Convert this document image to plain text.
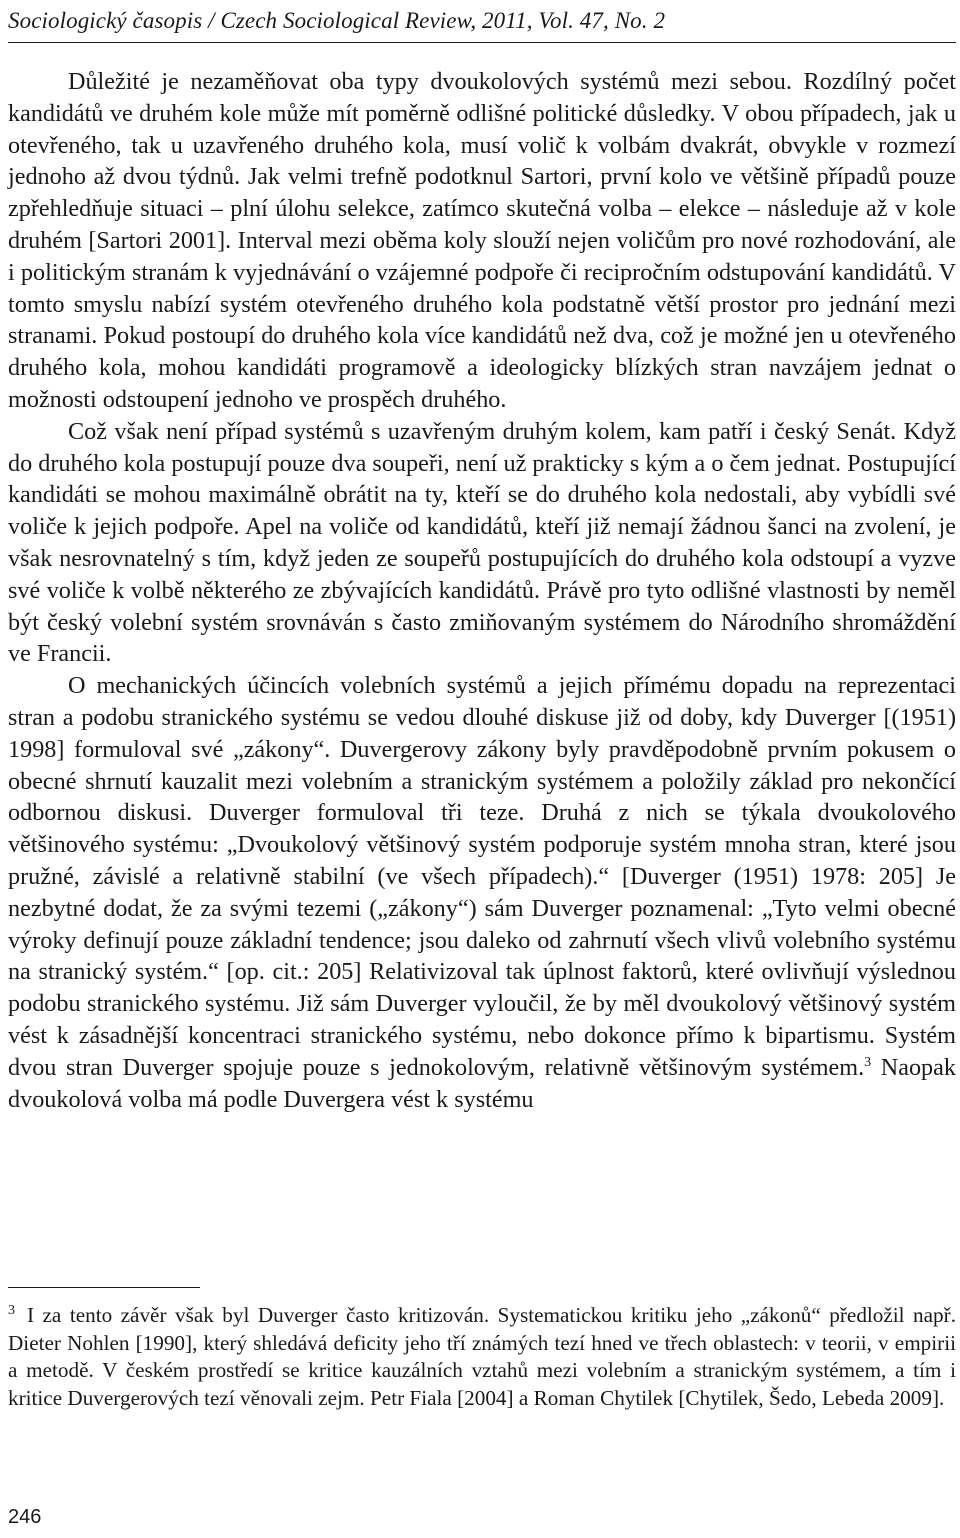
Sociologický časopis / Czech Sociological Review, 2011, Vol. 47, No. 2

Důležité je nezaměňovat oba typy dvoukolových systémů mezi sebou. Rozdílný počet kandidátů ve druhém kole může mít poměrně odlišné politické důsledky. V obou případech, jak u otevřeného, tak u uzavřeného druhého kola, musí volič k volbám dvakrát, obvykle v rozmezí jednoho až dvou týdnů. Jak velmi trefně podotknul Sartori, první kolo ve většině případů pouze zpřehledňuje situaci – plní úlohu selekce, zatímco skutečná volba – elekce – následuje až v kole druhém [Sartori 2001]. Interval mezi oběma koly slouží nejen voličům pro nové rozhodování, ale i politickým stranám k vyjednávání o vzájemné podpoře či recipročním odstupování kandidátů. V tomto smyslu nabízí systém otevřeného druhého kola podstatně větší prostor pro jednání mezi stranami. Pokud postoupí do druhého kola více kandidátů než dva, což je možné jen u otevřeného druhého kola, mohou kandidáti programově a ideologicky blízkých stran navzájem jednat o možnosti odstoupení jednoho ve prospěch druhého.

Což však není případ systémů s uzavřeným druhým kolem, kam patří i český Senát. Když do druhého kola postupují pouze dva soupeři, není už prakticky s kým a o čem jednat. Postupující kandidáti se mohou maximálně obrátit na ty, kteří se do druhého kola nedostali, aby vybídli své voliče k jejich podpoře. Apel na voliče od kandidátů, kteří již nemají žádnou šanci na zvolení, je však nesrovnatelný s tím, když jeden ze soupeřů postupujících do druhého kola odstoupí a vyzve své voliče k volbě některého ze zbývajících kandidátů. Právě pro tyto odlišné vlastnosti by neměl být český volební systém srovnáván s často zmiňovaným systémem do Národního shromáždění ve Francii.

O mechanických účincích volebních systémů a jejich přímému dopadu na reprezentaci stran a podobu stranického systému se vedou dlouhé diskuse již od doby, kdy Duverger [(1951) 1998] formuloval své „zákony“. Duvergerovy zákony byly pravděpodobně prvním pokusem o obecné shrnutí kauzalit mezi volebním a stranickým systémem a položily základ pro nekončící odbornou diskusi. Duverger formuloval tři teze. Druhá z nich se týkala dvoukolového většinového systému: „Dvoukolový většinový systém podporuje systém mnoha stran, které jsou pružné, závislé a relativně stabilní (ve všech případech).“ [Duverger (1951) 1978: 205] Je nezbytné dodat, že za svými tezemi („zákony“) sám Duverger poznamenal: „Tyto velmi obecné výroky definují pouze základní tendence; jsou daleko od zahrnutí všech vlivů volebního systému na stranický systém.“ [op. cit.: 205] Relativizoval tak úplnost faktorů, které ovlivňují výslednou podobu stranického systému. Již sám Duverger vyloučil, že by měl dvoukolový většinový systém vést k zásadnější koncentraci stranického systému, nebo dokonce přímo k bipartismu. Systém dvou stran Duverger spojuje pouze s jednokolovým, relativně většinovým systémem.$^3$ Naopak dvoukolová volba má podle Duvergera vést k systému

$^3$ I za tento závěr však byl Duverger často kritizován. Systematickou kritiku jeho „zákonů“ předložil např. Dieter Nohlen [1990], který shledává deficity jeho tří známých tezí hned ve třech oblastech: v teorii, v empirii a metodě. V českém prostředí se kritice kauzálních vztahů mezi volebním a stranickým systémem, a tím i kritice Duvergerových tezí věnovali zejm. Petr Fiala [2004] a Roman Chytilek [Chytilek, Šedo, Lebeda 2009].

246
